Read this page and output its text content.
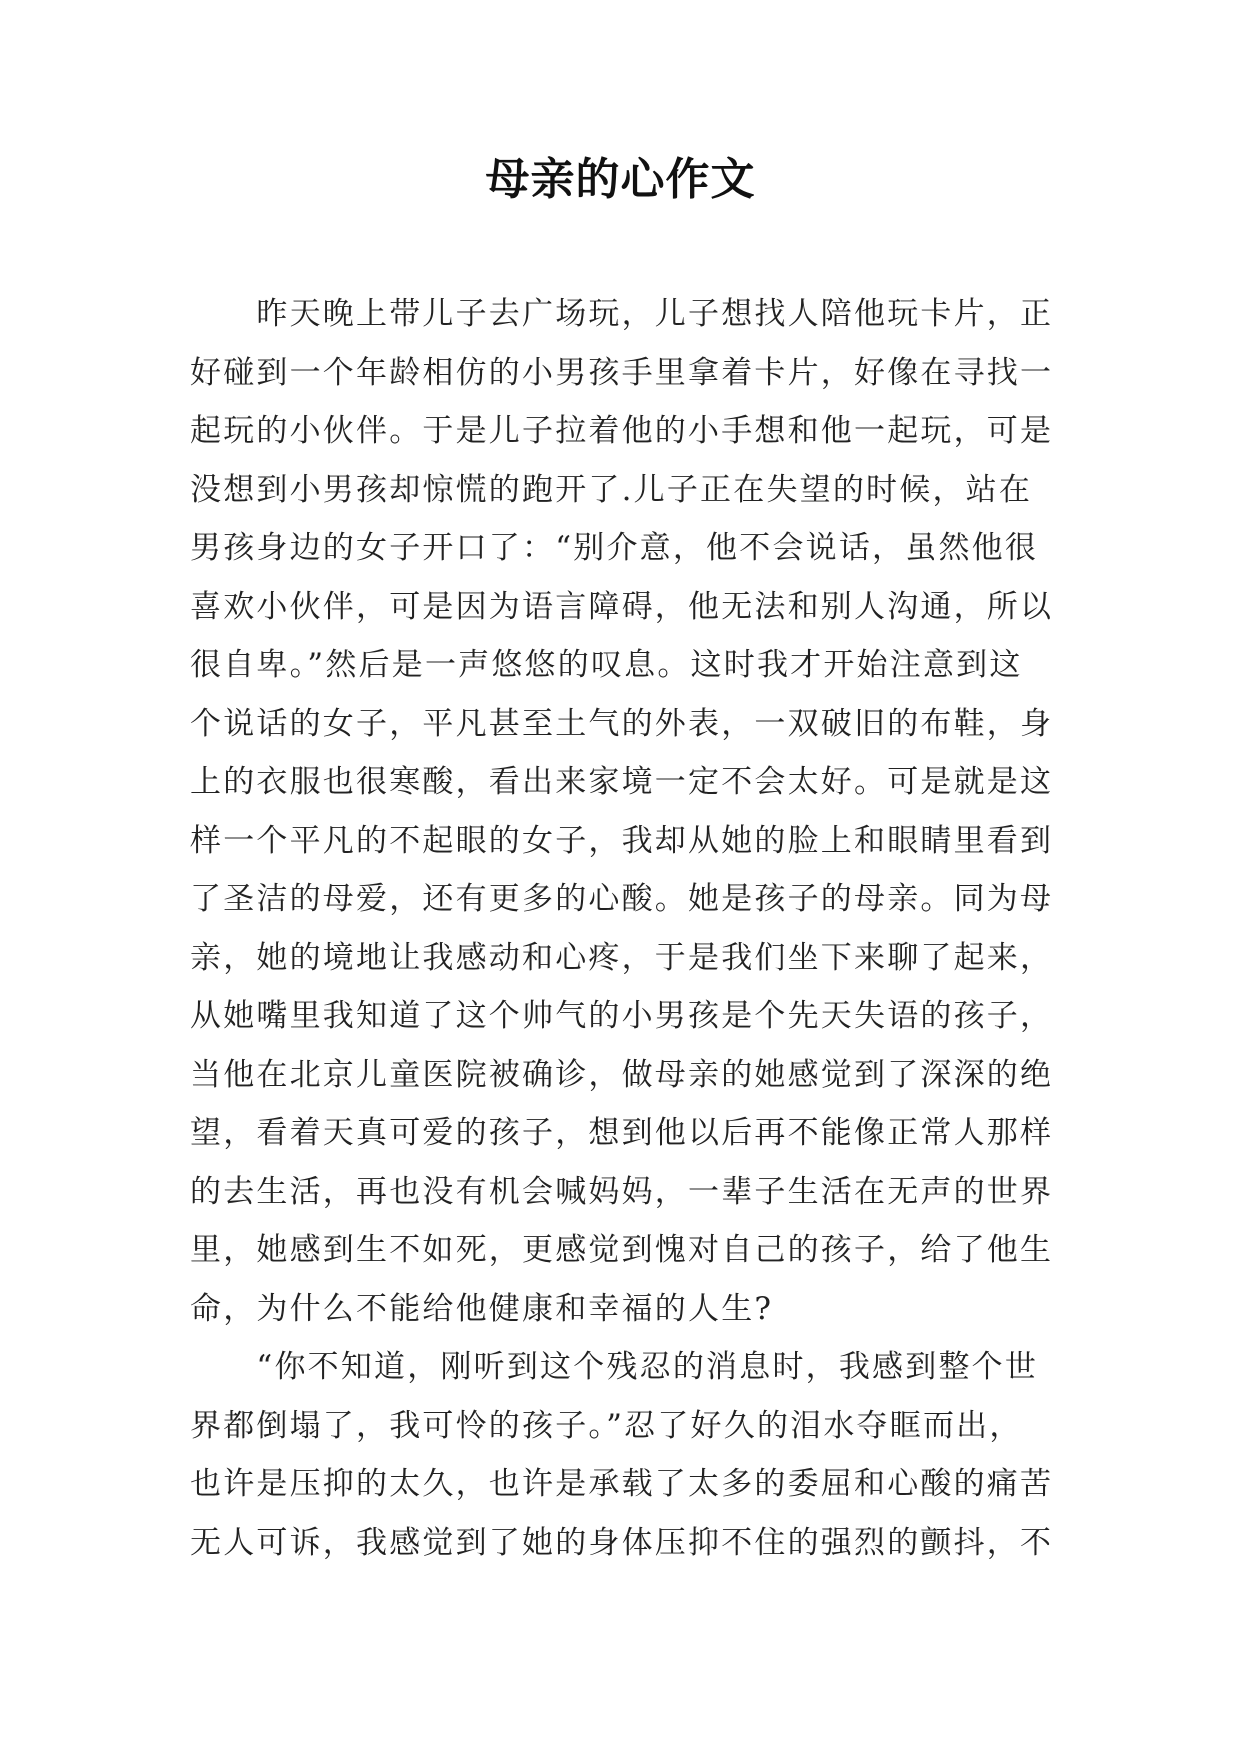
母亲的心作文
　　昨天晚上带儿子去广场玩，儿子想找人陪他玩卡片，正
好碰到一个年龄相仿的小男孩手里拿着卡片，好像在寻找一
起玩的小伙伴。于是儿子拉着他的小手想和他一起玩，可是
没想到小男孩却惊慌的跑开了.儿子正在失望的时候，站在
男孩身边的女子开口了：“别介意，他不会说话，虽然他很
喜欢小伙伴，可是因为语言障碍，他无法和别人沟通，所以
很自卑。”然后是一声悠悠的叹息。这时我才开始注意到这
个说话的女子，平凡甚至土气的外表，一双破旧的布鞋，身
上的衣服也很寒酸，看出来家境一定不会太好。可是就是这
样一个平凡的不起眼的女子，我却从她的脸上和眼睛里看到
了圣洁的母爱，还有更多的心酸。她是孩子的母亲。同为母
亲，她的境地让我感动和心疼，于是我们坐下来聊了起来，
从她嘴里我知道了这个帅气的小男孩是个先天失语的孩子，
当他在北京儿童医院被确诊，做母亲的她感觉到了深深的绝
望，看着天真可爱的孩子，想到他以后再不能像正常人那样
的去生活，再也没有机会喊妈妈，一辈子生活在无声的世界
里，她感到生不如死，更感觉到愧对自己的孩子，给了他生
命，为什么不能给他健康和幸福的人生?
　　“你不知道，刚听到这个残忍的消息时，我感到整个世
界都倒塌了，我可怜的孩子。”忍了好久的泪水夺眶而出，
也许是压抑的太久，也许是承载了太多的委屈和心酸的痛苦
无人可诉，我感觉到了她的身体压抑不住的强烈的颤抖，不
